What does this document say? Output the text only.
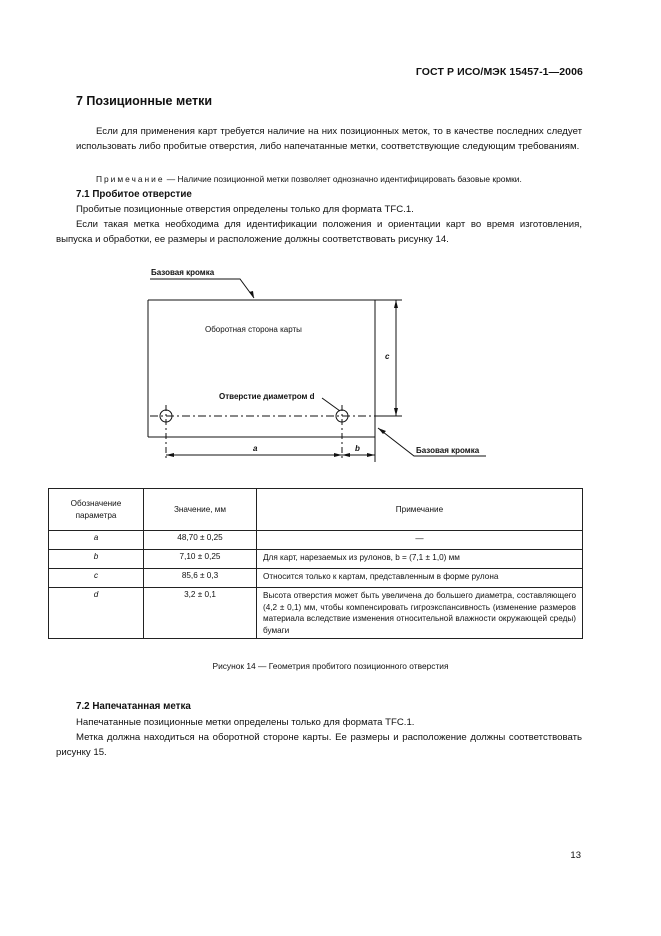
ГОСТ Р ИСО/МЭК 15457-1—2006
7 Позиционные метки
Если для применения карт требуется наличие на них позиционных меток, то в качестве последних следует использовать либо пробитые отверстия, либо напечатанные метки, соответствующие следующим требованиям.
Примечание — Наличие позиционной метки позволяет однозначно идентифицировать базовые кромки.
7.1 Пробитое отверстие
Пробитые позиционные отверстия определены только для формата TFC.1.
Если такая метка необходима для идентификации положения и ориентации карт во время изготовления, выпуска и обработки, ее размеры и расположение должны соответствовать рисунку 14.
Базовая кромка
Оборотная сторона карты
Отверстие диаметром d
Базовая кромка
a	b
c
Обозначение параметра	Значение, мм	Примечание
a	48,70 ± 0,25	—
b	7,10 ± 0,25	Для карт, нарезаемых из рулонов, b = (7,1 ± 1,0) мм
c	85,6 ± 0,3	Относится только к картам, представленным в форме рулона
d	3,2 ± 0,1	Высота отверстия может быть увеличена до большего диаметра, составляющего (4,2 ± 0,1) мм, чтобы компенсировать гигроэкспансивность (изменение размеров материала вследствие изменения относительной влажности окружающей среды) бумаги
Рисунок 14 — Геометрия пробитого позиционного отверстия
7.2 Напечатанная метка
Напечатанные позиционные метки определены только для формата TFC.1.
Метка должна находиться на оборотной стороне карты. Ее размеры и расположение должны соответствовать рисунку 15.
13
